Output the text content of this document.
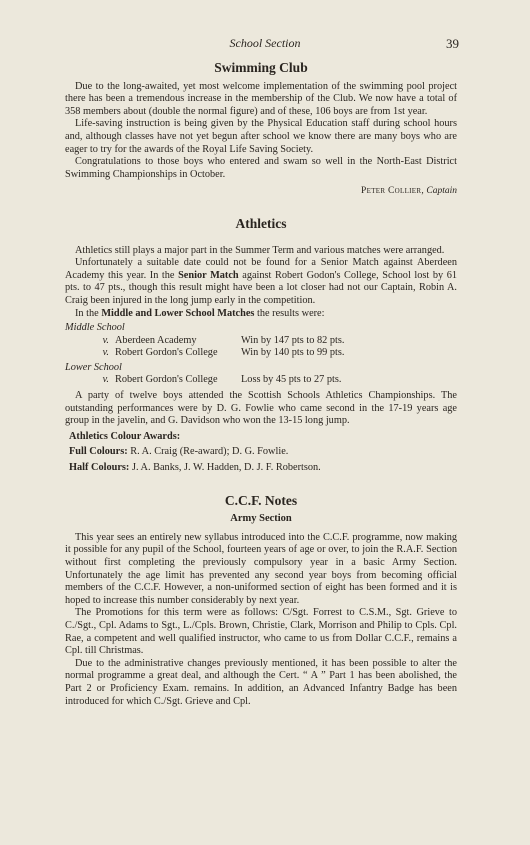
School Section	39
Swimming Club

Due to the long-awaited, yet most welcome implementation of the swimming pool project there has been a tremendous increase in the membership of the Club. We now have a total of 358 members about (double the normal figure) and of these, 106 boys are from 1st year.

Life-saving instruction is being given by the Physical Education staff during school hours and, although classes have not yet begun after school we know there are many boys who are eager to try for the awards of the Royal Life Saving Society.

Congratulations to those boys who entered and swam so well in the North-East District Swimming Championships in October.

Peter Collier, Captain
Athletics

Athletics still plays a major part in the Summer Term and various matches were arranged.

Unfortunately a suitable date could not be found for a Senior Match against Aberdeen Academy this year. In the Senior Match against Robert Godon's College, School lost by 61 pts. to 47 pts., though this result might have been a lot closer had not our Captain, Robin A. Craig been injured in the long jump early in the competition.

In the Middle and Lower School Matches the results were:

Middle School
v. Aberdeen Academy	Win by 147 pts to 82 pts.
v. Robert Gordon's College	Win by 140 pts to 99 pts.
Lower School
v. Robert Gordon's College	Loss by 45 pts to 27 pts.

A party of twelve boys attended the Scottish Schools Athletics Championships. The outstanding performances were by D. G. Fowlie who came second in the 17-19 years age group in the javelin, and G. Davidson who won the 13-15 long jump.

Athletics Colour Awards:

Full Colours: R. A. Craig (Re-award); D. G. Fowlie.

Half Colours: J. A. Banks, J. W. Hadden, D. J. F. Robertson.

C.C.F. Notes
Army Section

This year sees an entirely new syllabus introduced into the C.C.F. programme, now making it possible for any pupil of the School, fourteen years of age or over, to join the R.A.F. Section without first completing the previously compulsory year in a basic Army Section. Unfortunately the age limit has prevented any second year boys from becoming official members of the C.C.F. However, a non-uniformed section of eight has been formed and it is hoped to increase this number considerably by next year.

The Promotions for this term were as follows: C/Sgt. Forrest to C.S.M., Sgt. Grieve to C./Sgt., Cpl. Adams to Sgt., L./Cpls. Brown, Christie, Clark, Morrison and Philip to Cpls. Cpl. Rae, a competent and well qualified instructor, who came to us from Dollar C.C.F., remains a Cpl. till Christmas.

Due to the administrative changes previously mentioned, it has been possible to alter the normal programme a great deal, and although the Cert. “ A ” Part 1 has been abolished, the Part 2 or Proficiency Exam. remains. In addition, an Advanced Infantry Badge has been introduced for which C./Sgt. Grieve and Cpl.
